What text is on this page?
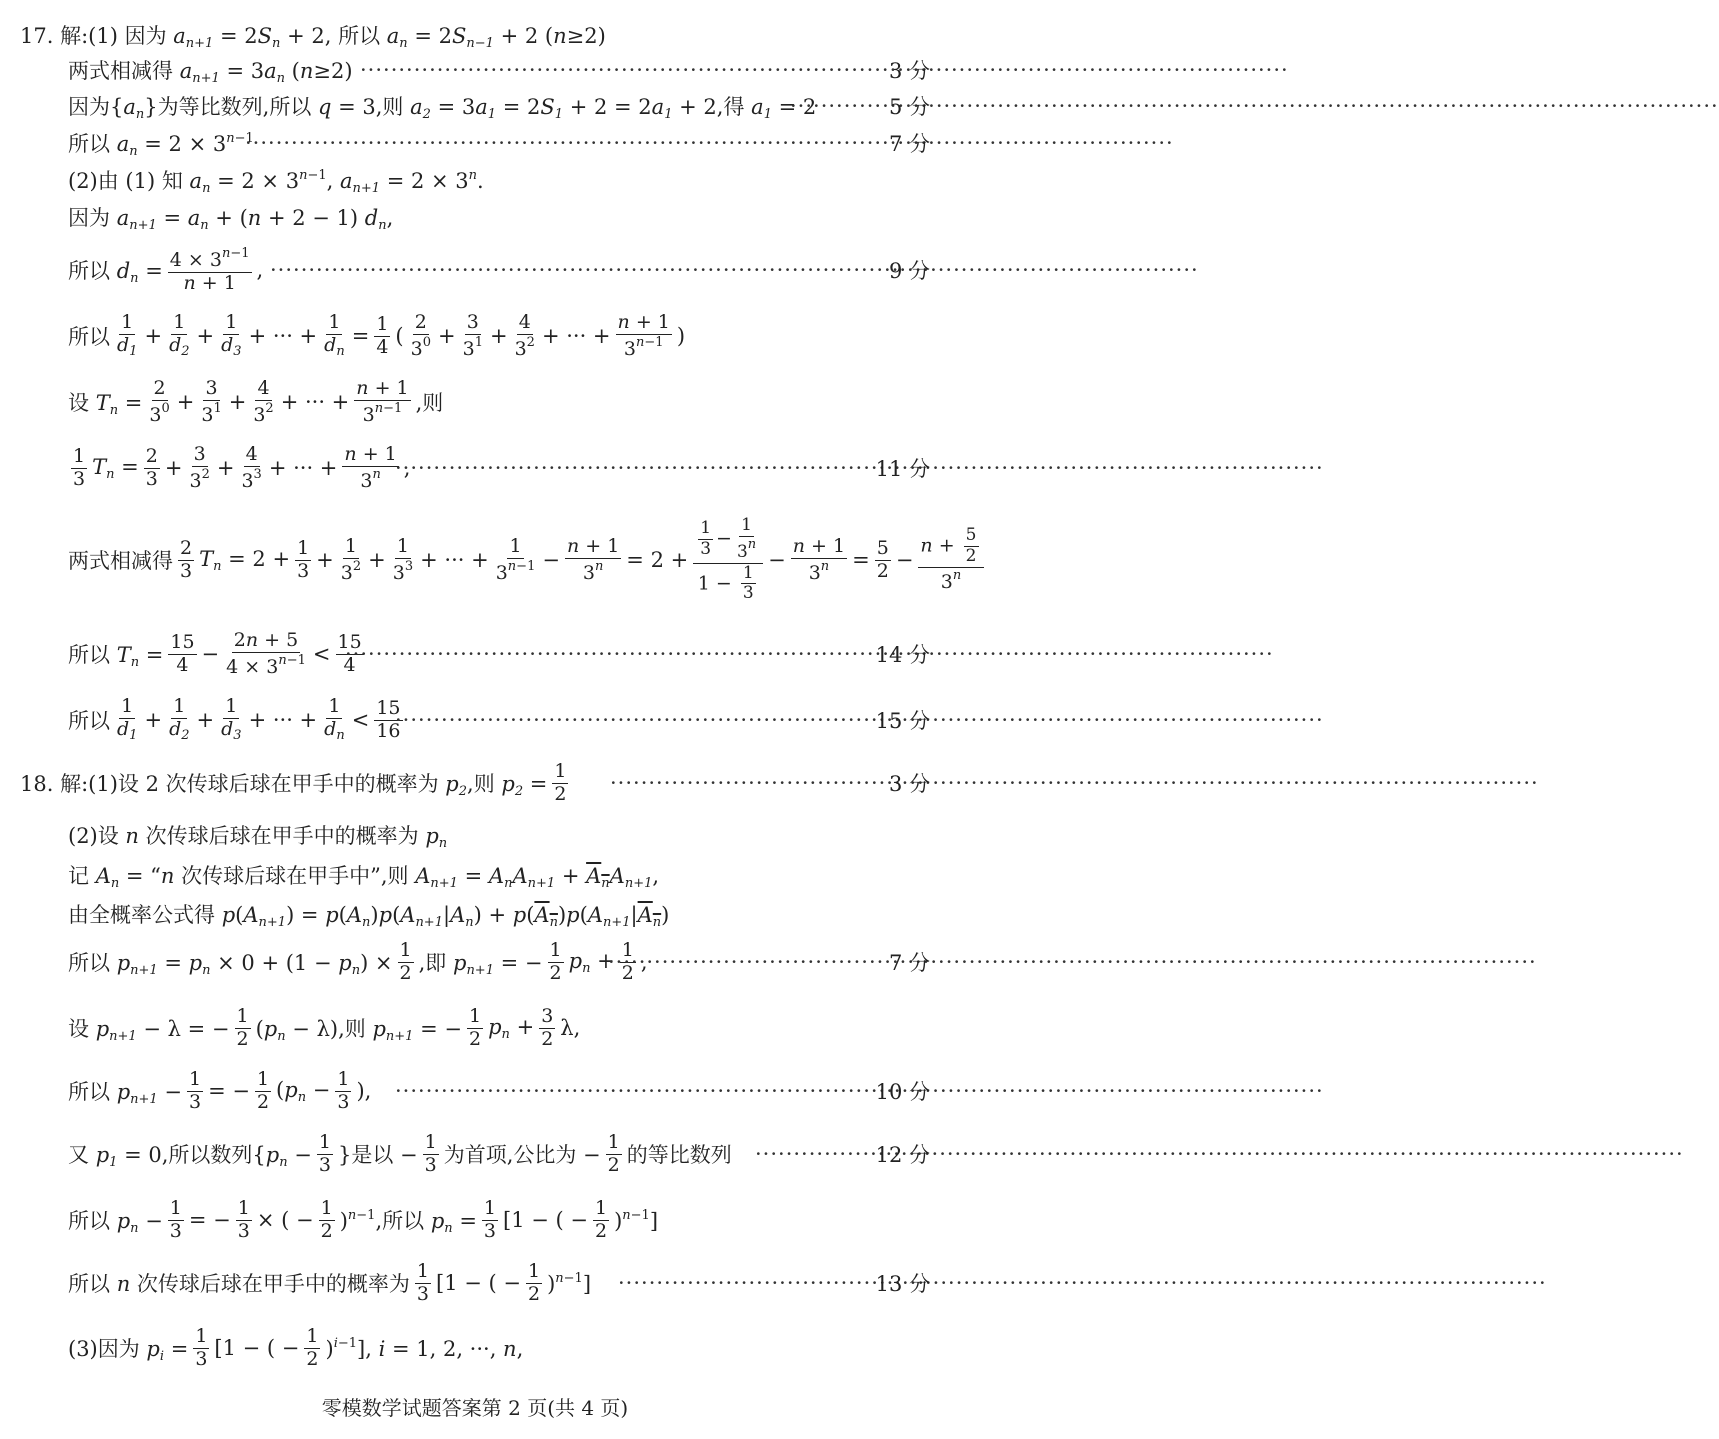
17. 解:(1) 因为 $a_{n+1} = 2S_n + 2$, 所以 $a_n = 2S_{n-1} + 2$ (n≥2)
两式相减得 $a_{n+1} = 3a_n$ (n≥2) ·····	3 分
因为$\{a_n\}$为等比数列,所以 q = 3,则 $a_2 = 3a_1 = 2S_1 + 2 = 2a_1 + 2$,得 $a_1 = 2$ ·····	5 分
所以 $a_n = 2 \times 3^{n-1}$ ·····	7 分
(2)由 (1) 知 $a_n = 2 \times 3^{n-1}$, $a_{n+1} = 2 \times 3^n$.
因为 $a_{n+1} = a_n + (n + 2 - 1)$ $d_n$,
所以 $d_n = \frac{4 \times 3^{n-1}}{n + 1}$ , ·····	9 分
所以 $\frac{1}{d_1} + \frac{1}{d_2} + \frac{1}{d_3}$ + ··· + $\frac{1}{d_n} = \frac{1}{4}$ ( $\frac{2}{3^0} + \frac{3}{3^1} + \frac{4}{3^2}$ + ··· + $\frac{n + 1}{3^{n-1}}$ )
设 $T_n = \frac{2}{3^0} + \frac{3}{3^1} + \frac{4}{3^2}$ + ··· + $\frac{n + 1}{3^{n-1}}$ ,则
$\frac{1}{3} T_n = \frac{2}{3} + \frac{3}{3^2} + \frac{4}{3^3}$ + ··· + $\frac{n + 1}{3^n}$ , ·····	11 分
两式相减得 $\frac{2}{3} T_n = 2 + \frac{1}{3} + \frac{1}{3^2} + \frac{1}{3^3}$ + ··· + $\frac{1}{3^{n-1}} - \frac{n + 1}{3^n} = 2 + \frac{\frac{1}{3} - \frac{1}{3^n}}{1 - \frac{1}{3}} - \frac{n + 1}{3^n} = \frac{5}{2} - \frac{n + \frac{5}{2}}{3^n}$
所以 $T_n = \frac{15}{4} - \frac{2n + 5}{4 \times 3^{n-1}} < \frac{15}{4}$ ·····	14 分
所以 $\frac{1}{d_1} + \frac{1}{d_2} + \frac{1}{d_3}$ + ··· + $\frac{1}{d_n} < \frac{15}{16}$ ·····	15 分
18. 解:(1)设 2 次传球后球在甲手中的概率为 $p_2$,则 $p_2 = \frac{1}{2}$ ·····	3 分
(2)设 n 次传球后球在甲手中的概率为 $p_n$
记 $A_n$ = “n 次传球后球在甲手中”,则 $A_{n+1} = A_nA_{n+1} + A_nA_{n+1}$,
由全概率公式得 $p(A_{n+1}) = p(A_n)p(A_{n+1}|A_n) + p(A_n)p(A_{n+1}|A_n)$
所以 $p_{n+1} = p_n \times 0 + (1 - p_n) \times \frac{1}{2}$ ,即 $p_{n+1}$ = − $\frac{1}{2} p_n + \frac{1}{2}$ , ·····	7 分
设 $p_{n+1} - \lambda$ = − $\frac{1}{2} (p_n - \lambda)$,则 $p_{n+1}$ = − $\frac{1}{2} p_n + \frac{3}{2} \lambda$,
所以 $p_{n+1} - \frac{1}{3}$ = − $\frac{1}{2} (p_n - \frac{1}{3}$ ), ·····	10 分
又 $p_1 = 0$,所以数列{$p_n - \frac{1}{3}$ }是以 − $\frac{1}{3}$ 为首项,公比为 − $\frac{1}{2}$ 的等比数列 ·····	12 分
所以 $p_n - \frac{1}{3}$ = − $\frac{1}{3}$ × ( − $\frac{1}{2} )^{n-1}$,所以 $p_n = \frac{1}{3} [1$ − ( − $\frac{1}{2} )^{n-1}$]
所以 n 次传球后球在甲手中的概率为 $\frac{1}{3} [1$ − ( − $\frac{1}{2} )^{n-1}$] ·····	13 分
(3)因为 $p_i = \frac{1}{3} [1$ − ( − $\frac{1}{2} )^{i-1}$], i = 1, 2, ···, n,
零模数学试题答案第 2 页(共 4 页)
